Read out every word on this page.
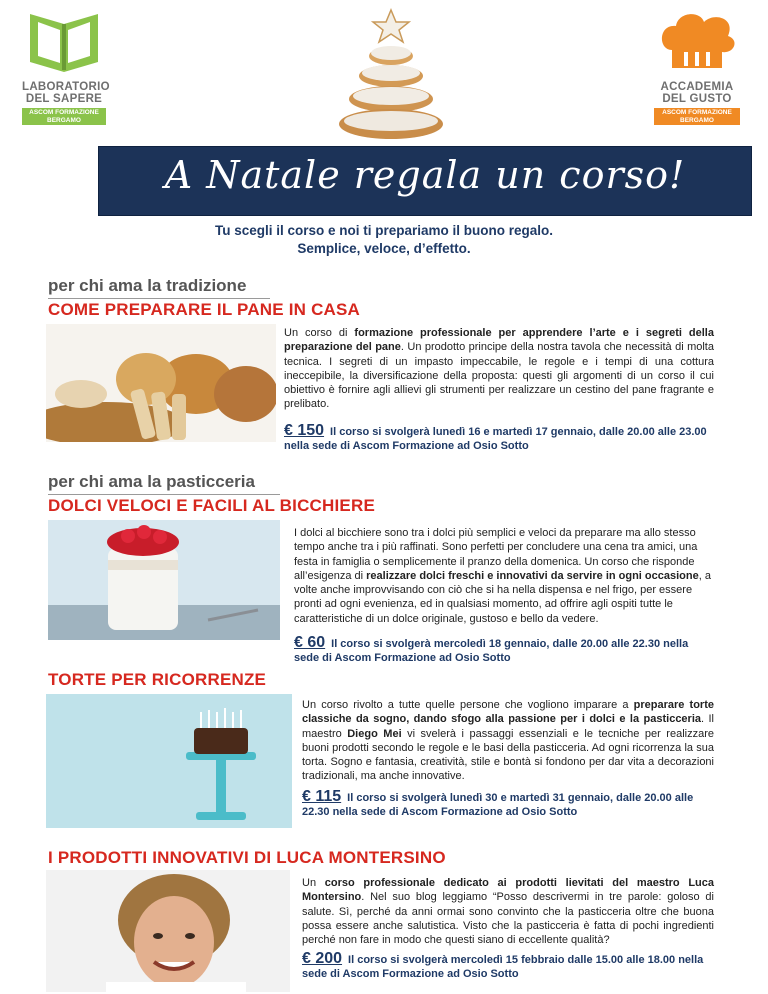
LABORATORIO
DEL SAPERE
ASCOM FORMAZIONE
BERGAMO
ACCADEMIA
DEL GUSTO
ASCOM FORMAZIONE
BERGAMO
A Natale regala un corso!
Tu scegli il corso e noi ti prepariamo il buono regalo.
Semplice, veloce, d’effetto.
per chi ama la tradizione
COME PREPARARE IL PANE IN CASA
Un corso di formazione professionale per apprendere l’arte e i segreti della preparazione del pane. Un prodotto principe della nostra tavola che necessità di molta tecnica. I segreti di un impasto impeccabile, le regole e i tempi di una cottura ineccepibile, la diversificazione della proposta: questi gli argomenti di un corso il cui obiettivo è fornire agli allievi gli strumenti per realizzare un cestino del pane fragrante e prelibato.
€ 150 Il corso si svolgerà lunedì 16 e martedì 17 gennaio, dalle 20.00 alle 23.00 nella sede di Ascom Formazione ad Osio Sotto
per chi ama la pasticceria
DOLCI VELOCI E FACILI AL BICCHIERE
I dolci al bicchiere sono tra i dolci più semplici e veloci da preparare ma allo stesso tempo anche tra i più raffinati. Sono perfetti per concludere una cena tra amici, una festa in famiglia o semplicemente il pranzo della domenica. Un corso che risponde all’esigenza di realizzare dolci freschi e innovativi da servire in ogni occasione, a volte anche improvvisando con ciò che si ha nella dispensa e nel frigo, per essere pronti ad ogni evenienza, ed in qualsiasi momento, ad offrire agli ospiti tutte le caratteristiche di un dolce originale, gustoso e bello da vedere.
€ 60 Il corso si svolgerà mercoledì 18 gennaio, dalle 20.00 alle 22.30 nella sede di Ascom Formazione ad Osio Sotto
TORTE PER RICORRENZE
Un corso rivolto a tutte quelle persone che vogliono imparare a preparare torte classiche da sogno, dando sfogo alla passione per i dolci e la pasticceria. Il maestro Diego Mei vi svelerà i passaggi essenziali e le tecniche per realizzare buoni prodotti secondo le regole e le basi della pasticceria. Ad ogni ricorrenza la sua torta. Sogno e fantasia, creatività, stile e bontà si fondono per dar vita a decorazioni tradizionali, ma anche innovative.
€ 115 Il corso si svolgerà lunedì 30 e martedì 31 gennaio, dalle 20.00 alle 22.30 nella sede di Ascom Formazione ad Osio Sotto
I PRODOTTI INNOVATIVI DI LUCA MONTERSINO
Un corso professionale dedicato ai prodotti lievitati del maestro Luca Montersino. Nel suo blog leggiamo “Posso descrivermi in tre parole: goloso di salute. Sì, perché da anni ormai sono convinto che la pasticceria oltre che buona possa essere anche salutistica. Visto che la pasticceria è fatta di pochi ingredienti perché non fare in modo che questi siano di eccellente qualità?
€ 200 Il corso si svolgerà mercoledì 15 febbraio dalle 15.00 alle 18.00 nella sede di Ascom Formazione ad Osio Sotto
